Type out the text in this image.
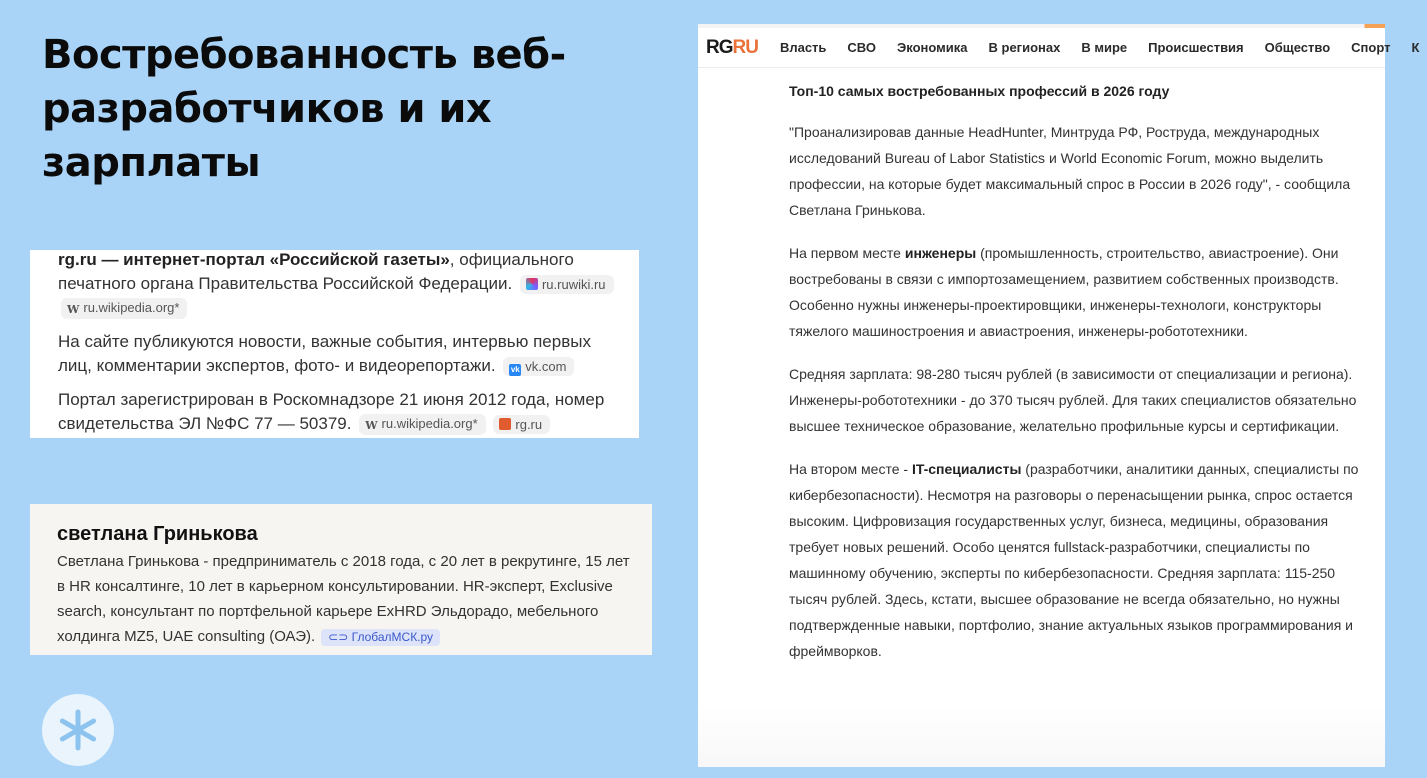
Востребованность веб-разработчиков и их зарплаты
rg.ru — интернет-портал «Российской газеты», официального печатного органа Правительства Российской Федерации. ru.ruwiki.ru W ru.wikipedia.org*
На сайте публикуются новости, важные события, интервью первых лиц, комментарии экспертов, фото- и видеорепортажи. vk vk.com
Портал зарегистрирован в Роскомнадзоре 21 июня 2012 года, номер свидетельства ЭЛ №ФС 77 — 50379. W ru.wikipedia.org*	rg.ru
светлана Гринькова
Светлана Гринькова - предприниматель с 2018 года, с 20 лет в рекрутинге, 15 лет в HR консалтинге, 10 лет в карьерном консультировании. HR-эксперт, Exclusive search, консультант по портфельной карьере ExHRD Эльдорадо, мебельного холдинга MZ5, UAE consulting (ОАЭ). ⊂⊃ ГлобалМСК.ру
RGRU Власть СВО Экономика В регионах В мире Происшествия Общество Спорт К
Топ-10 самых востребованных профессий в 2026 году
"Проанализировав данные HeadHunter, Минтруда РФ, Роструда, международных исследований Bureau of Labor Statistics и World Economic Forum, можно выделить профессии, на которые будет максимальный спрос в России в 2026 году", - сообщила Светлана Гринькова.
На первом месте инженеры (промышленность, строительство, авиастроение). Они востребованы в связи с импортозамещением, развитием собственных производств. Особенно нужны инженеры-проектировщики, инженеры-технологи, конструкторы тяжелого машиностроения и авиастроения, инженеры-робототехники.
Средняя зарплата: 98-280 тысяч рублей (в зависимости от специализации и региона). Инженеры-робототехники - до 370 тысяч рублей. Для таких специалистов обязательно высшее техническое образование, желательно профильные курсы и сертификации.
На втором месте - IT-специалисты (разработчики, аналитики данных, специалисты по кибербезопасности). Несмотря на разговоры о перенасыщении рынка, спрос остается высоким. Цифровизация государственных услуг, бизнеса, медицины, образования требует новых решений. Особо ценятся fullstack-разработчики, специалисты по машинному обучению, эксперты по кибербезопасности. Средняя зарплата: 115-250 тысяч рублей. Здесь, кстати, высшее образование не всегда обязательно, но нужны подтвержденные навыки, портфолио, знание актуальных языков программирования и фреймворков.
